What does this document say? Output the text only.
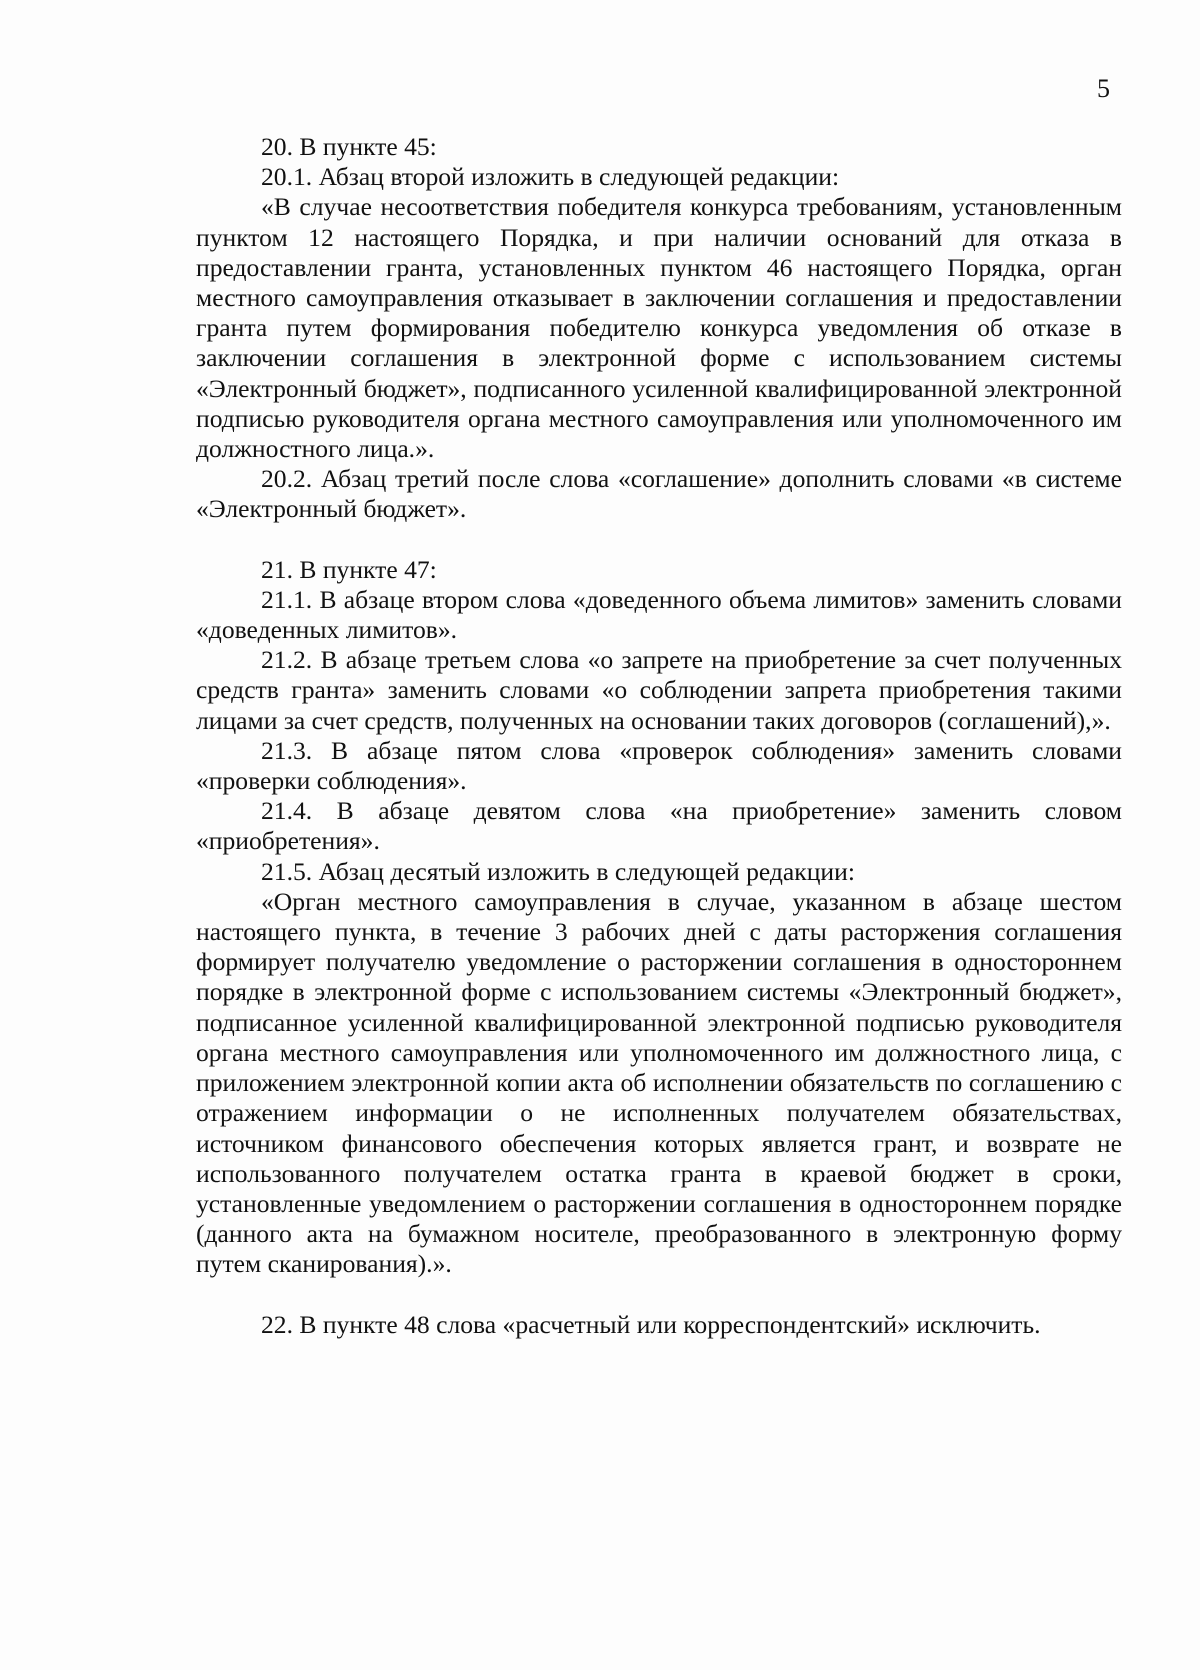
5

20. В пункте 45:

20.1. Абзац второй изложить в следующей редакции:

«В случае несоответствия победителя конкурса требованиям, установленным пунктом 12 настоящего Порядка, и при наличии оснований для отказа в предоставлении гранта, установленных пунктом 46 настоящего Порядка, орган местного самоуправления отказывает в заключении соглашения и предоставлении гранта путем формирования победителю конкурса уведомления об отказе в заключении соглашения в электронной форме с использованием системы «Электронный бюджет», подписанного усиленной квалифицированной электронной подписью руководителя органа местного самоуправления или уполномоченного им должностного лица.».

20.2. Абзац третий после слова «соглашение» дополнить словами «в системе «Электронный бюджет».

21. В пункте 47:

21.1. В абзаце втором слова «доведенного объема лимитов» заменить словами «доведенных лимитов».

21.2. В абзаце третьем слова «о запрете на приобретение за счет полученных средств гранта» заменить словами «о соблюдении запрета приобретения такими лицами за счет средств, полученных на основании таких договоров (соглашений),».

21.3. В абзаце пятом слова «проверок соблюдения» заменить словами «проверки соблюдения».

21.4. В абзаце девятом слова «на приобретение» заменить словом «приобретения».

21.5. Абзац десятый изложить в следующей редакции:

«Орган местного самоуправления в случае, указанном в абзаце шестом настоящего пункта, в течение 3 рабочих дней с даты расторжения соглашения формирует получателю уведомление о расторжении соглашения в одностороннем порядке в электронной форме с использованием системы «Электронный бюджет», подписанное усиленной квалифицированной электронной подписью руководителя органа местного самоуправления или уполномоченного им должностного лица, с приложением электронной копии акта об исполнении обязательств по соглашению с отражением информации о не исполненных получателем обязательствах, источником финансового обеспечения которых является грант, и возврате не использованного получателем остатка гранта в краевой бюджет в сроки, установленные уведомлением о расторжении соглашения в одностороннем порядке (данного акта на бумажном носителе, преобразованного в электронную форму путем сканирования).».

22. В пункте 48 слова «расчетный или корреспондентский» исключить.
